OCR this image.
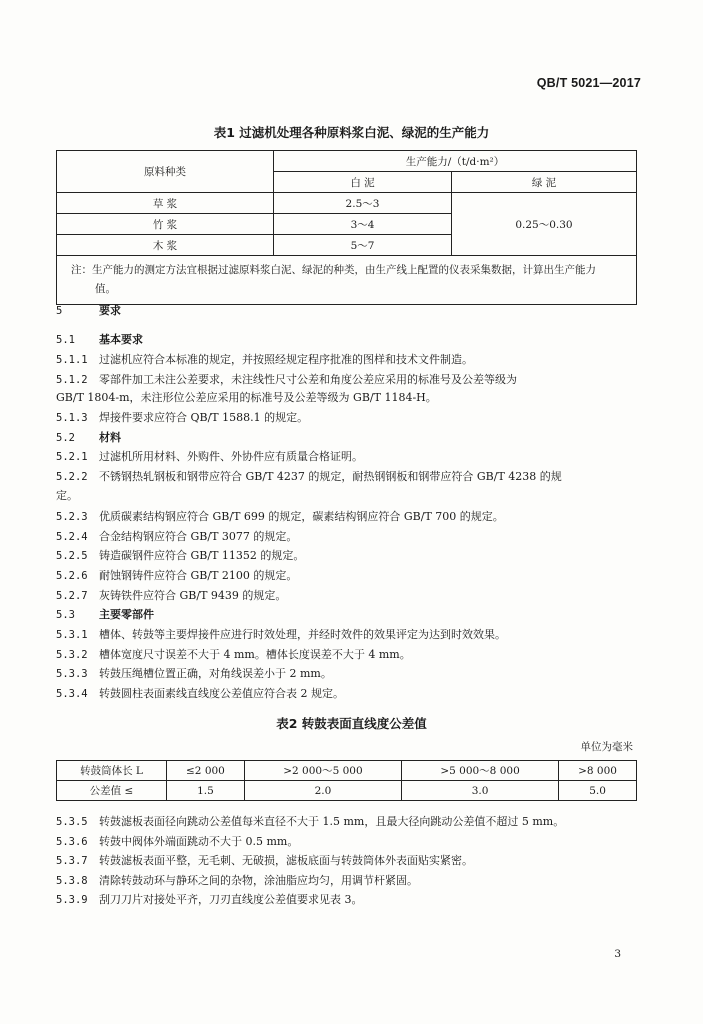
QB/T 5021—2017
表1 过滤机处理各种原料浆白泥、绿泥的生产能力
原料种类	生产能力/（t/d·m²）	
	白 泥	绿 泥
草 浆	2.5～3	0.25～0.30
竹 浆	3～4	
木 浆	5～7	

注：生产能力的测定方法宜根据过滤原料浆白泥、绿泥的种类，由生产线上配置的仪表采集数据，计算出生产能力
值。		
5	要求
5.1 基本要求
5.1.1 过滤机应符合本标准的规定，并按照经规定程序批准的图样和技术文件制造。
5.1.2 零部件加工未注公差要求，未注线性尺寸公差和角度公差应采用的标准号及公差等级为
GB/T 1804-m，未注形位公差应采用的标准号及公差等级为 GB/T 1184-H。
5.1.3 焊接件要求应符合 QB/T 1588.1 的规定。
5.2 材料
5.2.1 过滤机所用材料、外购件、外协件应有质量合格证明。
5.2.2 不锈钢热轧钢板和钢带应符合 GB/T 4237 的规定，耐热钢钢板和钢带应符合 GB/T 4238 的规
定。
5.2.3 优质碳素结构钢应符合 GB/T 699 的规定，碳素结构钢应符合 GB/T 700 的规定。
5.2.4 合金结构钢应符合 GB/T 3077 的规定。
5.2.5 铸造碳钢件应符合 GB/T 11352 的规定。
5.2.6 耐蚀钢铸件应符合 GB/T 2100 的规定。
5.2.7 灰铸铁件应符合 GB/T 9439 的规定。
5.3 主要零部件
5.3.1 槽体、转鼓等主要焊接件应进行时效处理，并经时效件的效果评定为达到时效效果。
5.3.2 槽体宽度尺寸误差不大于 4 mm。槽体长度误差不大于 4 mm。
5.3.3 转鼓压绳槽位置正确，对角线误差小于 2 mm。
5.3.4 转鼓圆柱表面素线直线度公差值应符合表 2 规定。
表2 转鼓表面直线度公差值
单位为毫米
转鼓筒体长 L	≤2 000	>2 000～5 000	>5 000～8 000	>8 000
公差值 ≤	1.5	2.0	3.0	5.0
5.3.5 转鼓滤板表面径向跳动公差值每米直径不大于 1.5 mm，且最大径向跳动公差值不超过 5 mm。
5.3.6 转鼓中阀体外端面跳动不大于 0.5 mm。
5.3.7 转鼓滤板表面平整，无毛刺、无破损，滤板底面与转鼓筒体外表面贴实紧密。
5.3.8 清除转鼓动环与静环之间的杂物，涂油脂应均匀，用调节杆紧固。
5.3.9 刮刀刀片对接处平齐，刀刃直线度公差值要求见表 3。
3
